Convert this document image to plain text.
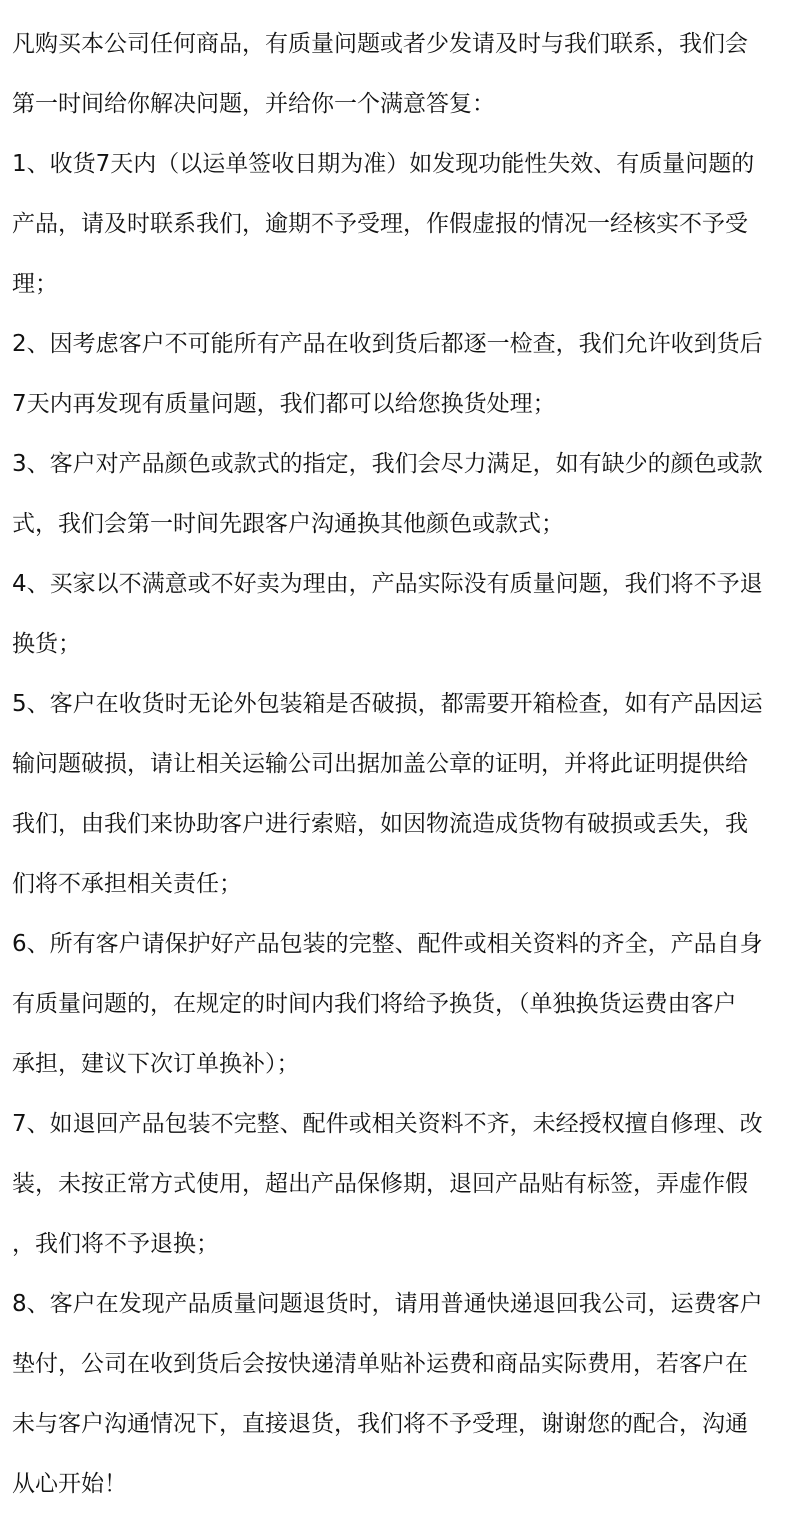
凡购买本公司任何商品，有质量问题或者少发请及时与我们联系，我们会
第一时间给你解决问题，并给你一个满意答复：
1、收货7天内（以运单签收日期为准）如发现功能性失效、有质量问题的
产品，请及时联系我们，逾期不予受理，作假虚报的情况一经核实不予受
理；
2、因考虑客户不可能所有产品在收到货后都逐一检查，我们允许收到货后
7天内再发现有质量问题，我们都可以给您换货处理；
3、客户对产品颜色或款式的指定，我们会尽力满足，如有缺少的颜色或款
式，我们会第一时间先跟客户沟通换其他颜色或款式；
4、买家以不满意或不好卖为理由，产品实际没有质量问题，我们将不予退
换货；
5、客户在收货时无论外包装箱是否破损，都需要开箱检查，如有产品因运
输问题破损，请让相关运输公司出据加盖公章的证明，并将此证明提供给
我们，由我们来协助客户进行索赔，如因物流造成货物有破损或丢失，我
们将不承担相关责任；
6、所有客户请保护好产品包装的完整、配件或相关资料的齐全，产品自身
有质量问题的，在规定的时间内我们将给予换货，（单独换货运费由客户
承担，建议下次订单换补）；
7、如退回产品包装不完整、配件或相关资料不齐，未经授权擅自修理、改
装，未按正常方式使用，超出产品保修期，退回产品贴有标签，弄虚作假
，我们将不予退换；
8、客户在发现产品质量问题退货时，请用普通快递退回我公司，运费客户
垫付，公司在收到货后会按快递清单贴补运费和商品实际费用，若客户在
未与客户沟通情况下，直接退货，我们将不予受理，谢谢您的配合，沟通
从心开始！
